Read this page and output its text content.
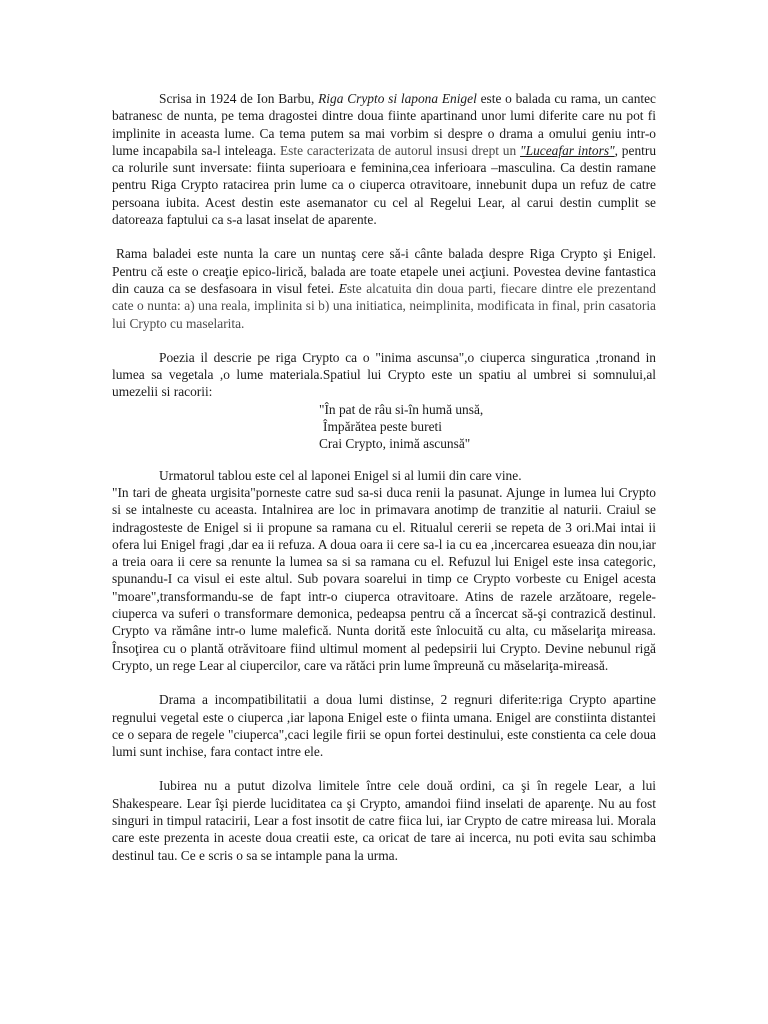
Scrisa in 1924 de Ion Barbu, Riga Crypto si lapona Enigel este o balada cu rama, un cantec batranesc de nunta, pe tema dragostei dintre doua fiinte apartinand unor lumi diferite care nu pot fi implinite in aceasta lume. Ca tema putem sa mai vorbim si despre o drama a omului geniu intr-o lume incapabila sa-l inteleaga. Este caracterizata de autorul insusi drept un "Luceafar intors", pentru ca rolurile sunt inversate: fiinta superioara e feminina,cea inferioara –masculina. Ca destin ramane pentru Riga Crypto ratacirea prin lume ca o ciuperca otravitoare, innebunit dupa un refuz de catre persoana iubita. Acest destin este asemanator cu cel al Regelui Lear, al carui destin cumplit se datoreaza faptului ca s-a lasat inselat de aparente.

Rama baladei este nunta la care un nuntaş cere să-i cânte balada despre Riga Crypto şi Enigel. Pentru că este o creaţie epico-lirică, balada are toate etapele unei acţiuni. Povestea devine fantastica din cauza ca se desfasoara in visul fetei. Este alcatuita din doua parti, fiecare dintre ele prezentand cate o nunta: a) una reala, implinita si b) una initiatica, neimplinita, modificata in final, prin casatoria lui Crypto cu maselarita.

Poezia il descrie pe riga Crypto ca o "inima ascunsa",o ciuperca singuratica ,tronand in lumea sa vegetala ,o lume materiala.Spatiul lui Crypto este un spatiu al umbrei si somnului,al umezelii si racorii:

"În pat de râu si-în humă unsă,
Împărătea peste bureti
Crai Crypto, inimă ascunsă"

Urmatorul tablou este cel al laponei Enigel si al lumii din care vine.

"In tari de gheata urgisita"porneste catre sud sa-si duca renii la pasunat. Ajunge in lumea lui Crypto si se intalneste cu aceasta. Intalnirea are loc in primavara anotimp de tranzitie al naturii. Craiul se indragosteste de Enigel si ii propune sa ramana cu el. Ritualul cererii se repeta de 3 ori.Mai intai ii ofera lui Enigel fragi ,dar ea ii refuza. A doua oara ii cere sa-l ia cu ea ,incercarea esueaza din nou,iar a treia oara ii cere sa renunte la lumea sa si sa ramana cu el. Refuzul lui Enigel este insa categoric, spunandu-I ca visul ei este altul. Sub povara soarelui in timp ce Crypto vorbeste cu Enigel acesta "moare",transformandu-se de fapt intr-o ciuperca otravitoare. Atins de razele arzătoare, regele-ciuperca va suferi o transformare demonica, pedeapsa pentru că a încercat să-şi contrazică destinul. Crypto va rămâne intr-o lume malefică. Nunta dorită este înlocuită cu alta, cu măselariţa mireasa. Însoţirea cu o plantă otrăvitoare fiind ultimul moment al pedepsirii lui Crypto. Devine nebunul rigă Crypto, un rege Lear al ciupercilor, care va rătăci prin lume împreună cu măselariţa-mireasă.

Drama a incompatibilitatii a doua lumi distinse, 2 regnuri diferite:riga Crypto apartine regnului vegetal este o ciuperca ,iar lapona Enigel este o fiinta umana. Enigel are constiinta distantei ce o separa de regele "ciuperca",caci legile firii se opun fortei destinului, este constienta ca cele doua lumi sunt inchise, fara contact intre ele.

Iubirea nu a putut dizolva limitele între cele două ordini, ca şi în regele Lear, a lui Shakespeare. Lear îşi pierde luciditatea ca şi Crypto, amandoi fiind inselati de aparenţe. Nu au fost singuri in timpul ratacirii, Lear a fost insotit de catre fiica lui, iar Crypto de catre mireasa lui. Morala care este prezenta in aceste doua creatii este, ca oricat de tare ai incerca, nu poti evita sau schimba destinul tau. Ce e scris o sa se intample pana la urma.
